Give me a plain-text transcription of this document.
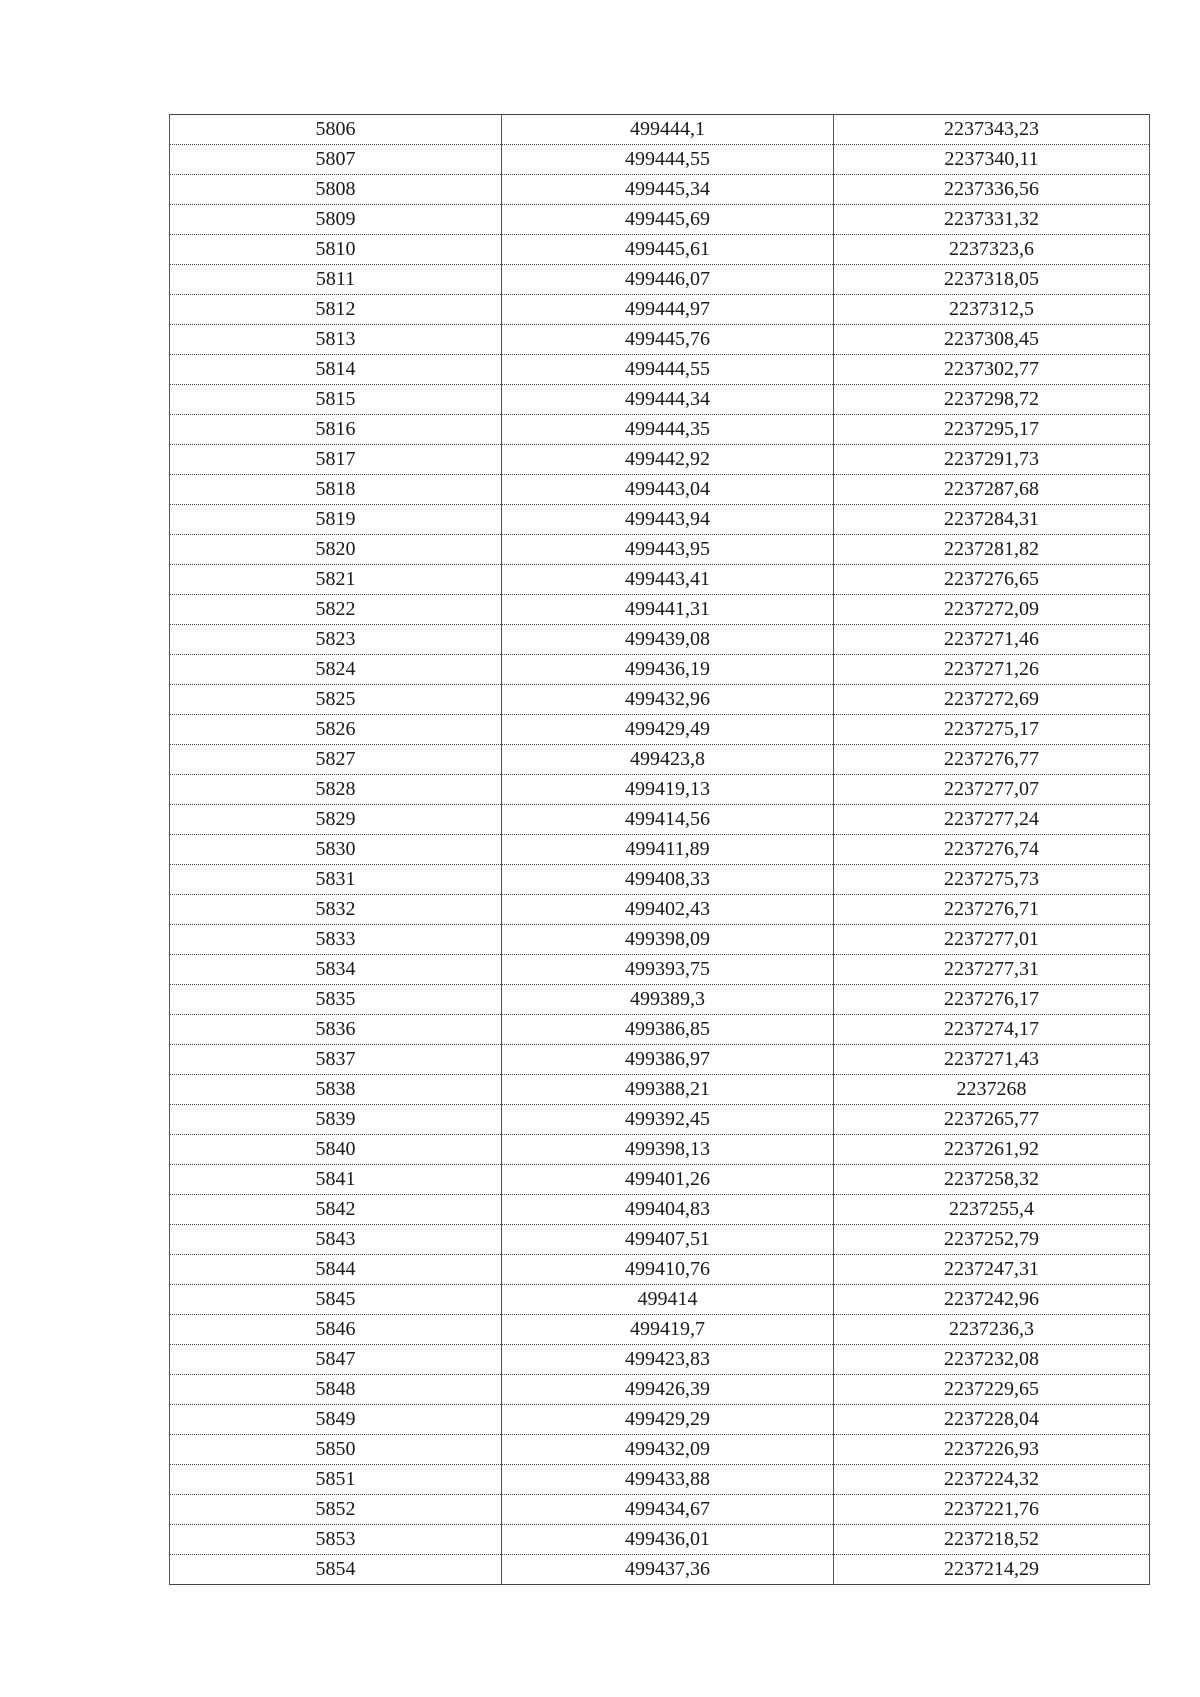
5806	499444,1	2237343,23
5807	499444,55	2237340,11
5808	499445,34	2237336,56
5809	499445,69	2237331,32
5810	499445,61	2237323,6
5811	499446,07	2237318,05
5812	499444,97	2237312,5
5813	499445,76	2237308,45
5814	499444,55	2237302,77
5815	499444,34	2237298,72
5816	499444,35	2237295,17
5817	499442,92	2237291,73
5818	499443,04	2237287,68
5819	499443,94	2237284,31
5820	499443,95	2237281,82
5821	499443,41	2237276,65
5822	499441,31	2237272,09
5823	499439,08	2237271,46
5824	499436,19	2237271,26
5825	499432,96	2237272,69
5826	499429,49	2237275,17
5827	499423,8	2237276,77
5828	499419,13	2237277,07
5829	499414,56	2237277,24
5830	499411,89	2237276,74
5831	499408,33	2237275,73
5832	499402,43	2237276,71
5833	499398,09	2237277,01
5834	499393,75	2237277,31
5835	499389,3	2237276,17
5836	499386,85	2237274,17
5837	499386,97	2237271,43
5838	499388,21	2237268
5839	499392,45	2237265,77
5840	499398,13	2237261,92
5841	499401,26	2237258,32
5842	499404,83	2237255,4
5843	499407,51	2237252,79
5844	499410,76	2237247,31
5845	499414	2237242,96
5846	499419,7	2237236,3
5847	499423,83	2237232,08
5848	499426,39	2237229,65
5849	499429,29	2237228,04
5850	499432,09	2237226,93
5851	499433,88	2237224,32
5852	499434,67	2237221,76
5853	499436,01	2237218,52
5854	499437,36	2237214,29
